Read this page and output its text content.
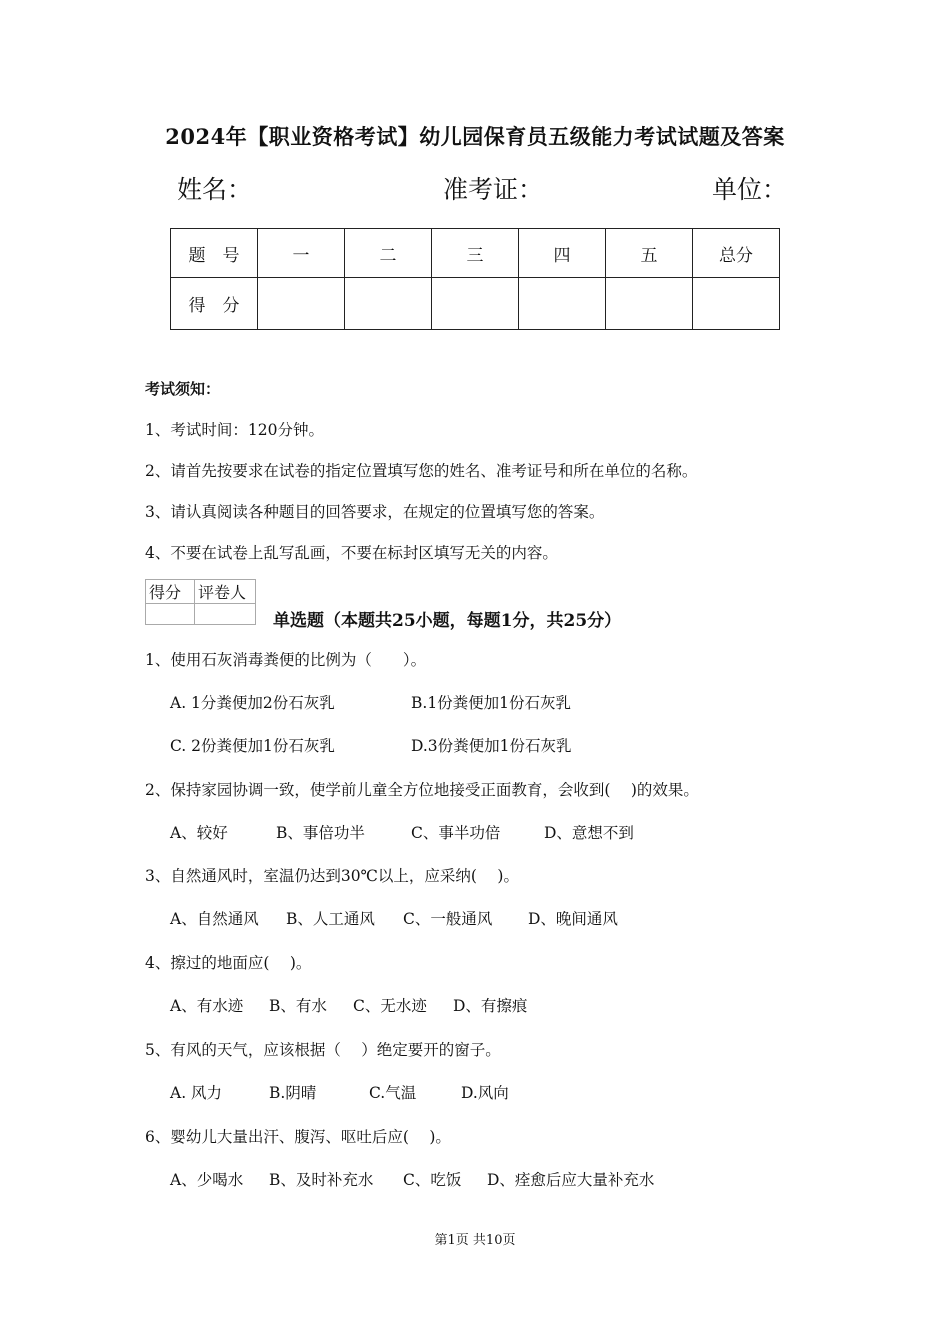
2024年【职业资格考试】幼儿园保育员五级能力考试试题及答案
姓名：	准考证：	单位：
题　号	一	二	三	四	五	总分
得　分						
考试须知：
1、考试时间：120分钟。
2、请首先按要求在试卷的指定位置填写您的姓名、准考证号和所在单位的名称。
3、请认真阅读各种题目的回答要求，在规定的位置填写您的答案。
4、不要在试卷上乱写乱画，不要在标封区填写无关的内容。
得分	评卷人

单选题（本题共25小题，每题1分，共25分）
1、使用石灰消毒粪便的比例为（　　）。
A. 1分粪便加2份石灰乳	B.1份粪便加1份石灰乳
C. 2份粪便加1份石灰乳	D.3份粪便加1份石灰乳
2、保持家园协调一致，使学前儿童全方位地接受正面教育，会收到(　 )的效果。
A、较好	B、事倍功半	C、事半功倍	D、意想不到
3、自然通风时，室温仍达到30℃以上，应采纳(　 )。
A、自然通风 B、人工通风 C、一般通风 D、晚间通风
4、擦过的地面应(　 )。
A、有水迹 B、有水 C、无水迹 D、有擦痕
5、有风的天气，应该根据（　 ）绝定要开的窗子。
A. 风力	B.阴晴	C.气温	D.风向
6、婴幼儿大量出汗、腹泻、呕吐后应(　 )。
A、少喝水 B、及时补充水 C、吃饭 D、痊愈后应大量补充水
第1页 共10页
